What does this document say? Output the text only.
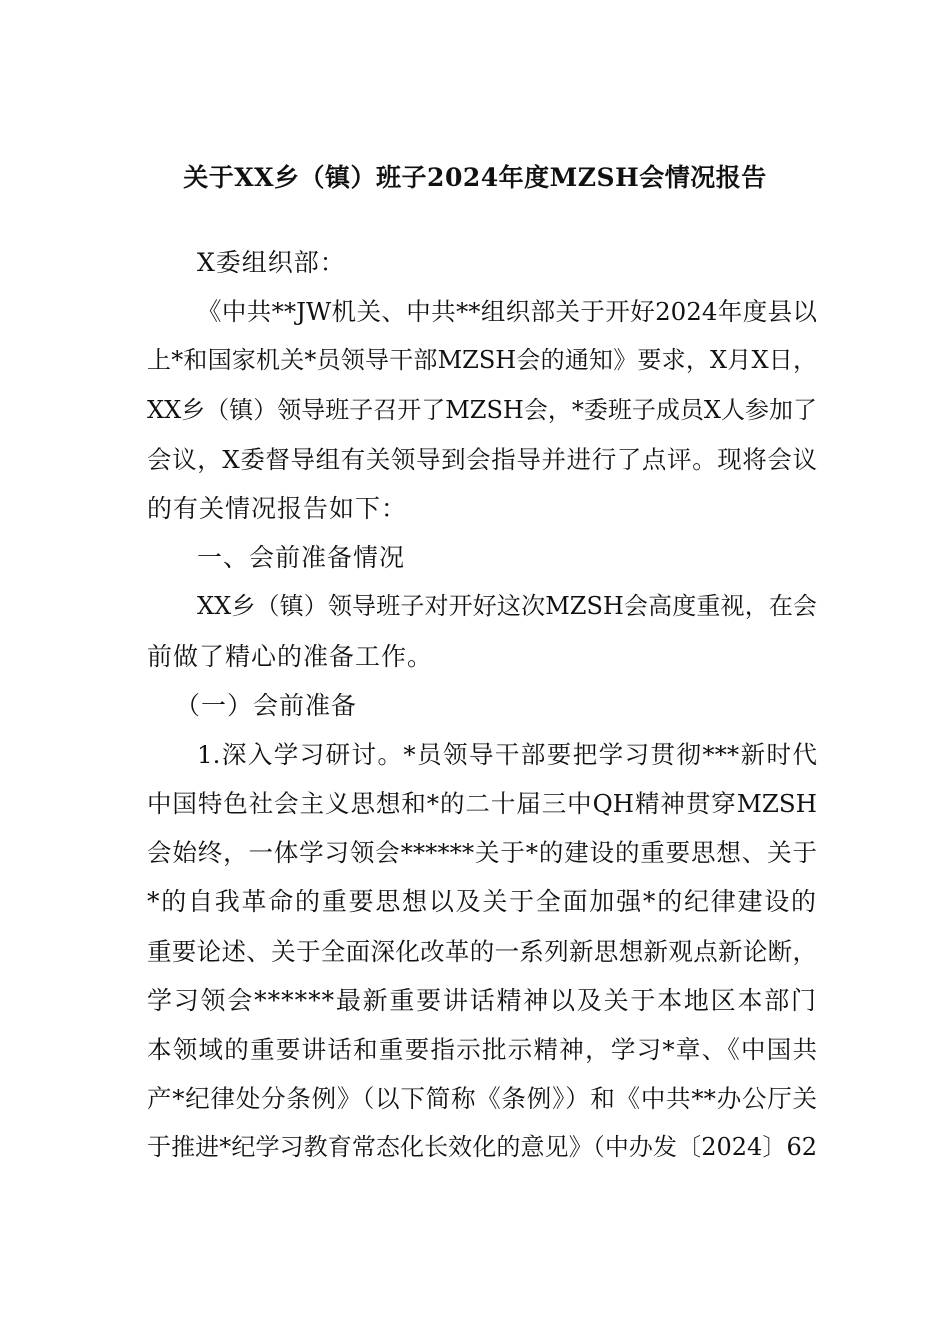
关于XX乡（镇）班子2024年度MZSH会情况报告
X委组织部：
《中共**JW机关、中共**组织部关于开好2024年度县以
上*和国家机关*员领导干部MZSH会的通知》要求，X月X日，
XX乡（镇）领导班子召开了MZSH会，*委班子成员X人参加了
会议，X委督导组有关领导到会指导并进行了点评。现将会议
的有关情况报告如下：
一、会前准备情况
XX乡（镇）领导班子对开好这次MZSH会高度重视，在会
前做了精心的准备工作。
（一）会前准备
1.深入学习研讨。*员领导干部要把学习贯彻***新时代
中国特色社会主义思想和*的二十届三中QH精神贯穿MZSH
会始终，一体学习领会******关于*的建设的重要思想、关于
*的自我革命的重要思想以及关于全面加强*的纪律建设的
重要论述、关于全面深化改革的一系列新思想新观点新论断，
学习领会******最新重要讲话精神以及关于本地区本部门
本领域的重要讲话和重要指示批示精神，学习*章、《中国共
产*纪律处分条例》（以下简称《条例》）和《中共**办公厅关
于推进*纪学习教育常态化长效化的意见》（中办发〔2024〕62
